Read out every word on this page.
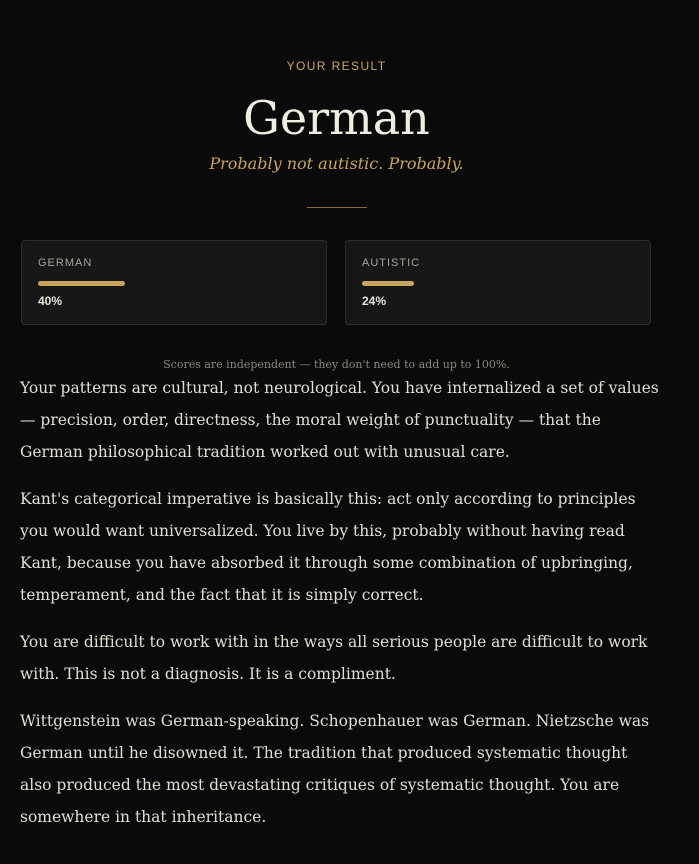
YOUR RESULT
German
Probably not autistic. Probably.
GERMAN
40%
AUTISTIC
24%
Scores are independent — they don't need to add up to 100%.

Your patterns are cultural, not neurological. You have internalized a set of values — precision, order, directness, the moral weight of punctuality — that the German philosophical tradition worked out with unusual care.

Kant's categorical imperative is basically this: act only according to principles you would want universalized. You live by this, probably without having read Kant, because you have absorbed it through some combination of upbringing, temperament, and the fact that it is simply correct.

You are difficult to work with in the ways all serious people are difficult to work with. This is not a diagnosis. It is a compliment.

Wittgenstein was German-speaking. Schopenhauer was German. Nietzsche was German until he disowned it. The tradition that produced systematic thought also produced the most devastating critiques of systematic thought. You are somewhere in that inheritance.
